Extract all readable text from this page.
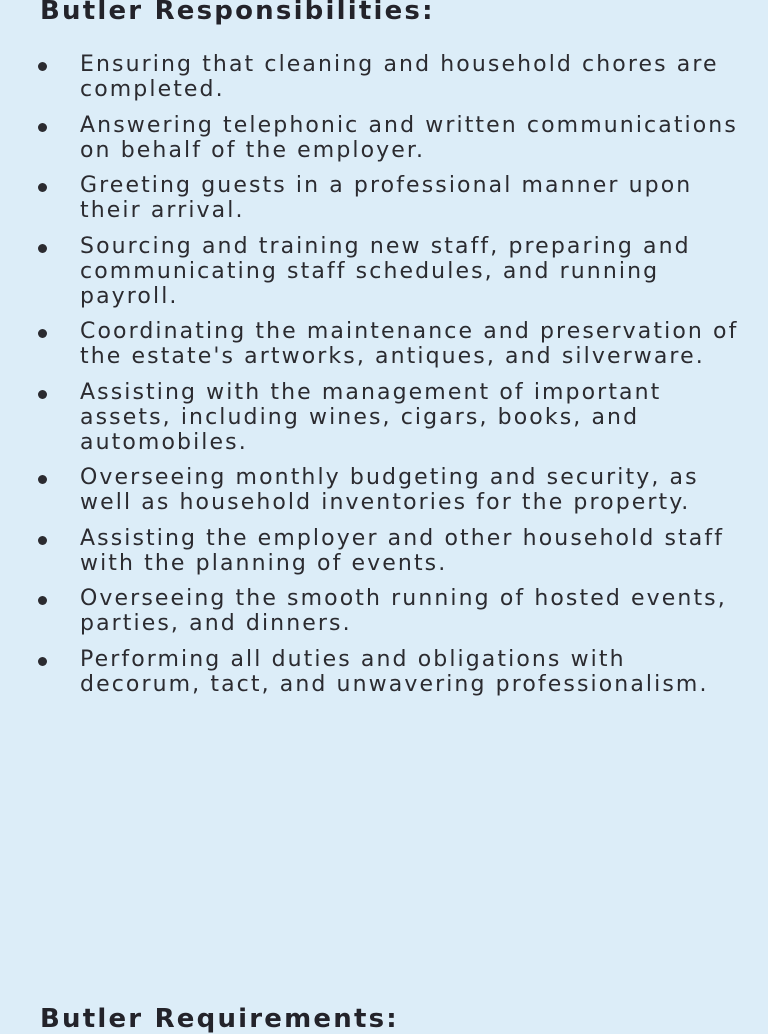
Butler Responsibilities:
Ensuring that cleaning and household chores are completed.
Answering telephonic and written communications on behalf of the employer.
Greeting guests in a professional manner upon their arrival.
Sourcing and training new staff, preparing and communicating staff schedules, and running payroll.
Coordinating the maintenance and preservation of the estate's artworks, antiques, and silverware.
Assisting with the management of important assets, including wines, cigars, books, and automobiles.
Overseeing monthly budgeting and security, as well as household inventories for the property.
Assisting the employer and other household staff with the planning of events.
Overseeing the smooth running of hosted events, parties, and dinners.
Performing all duties and obligations with decorum, tact, and unwavering professionalism.
Butler Requirements:
